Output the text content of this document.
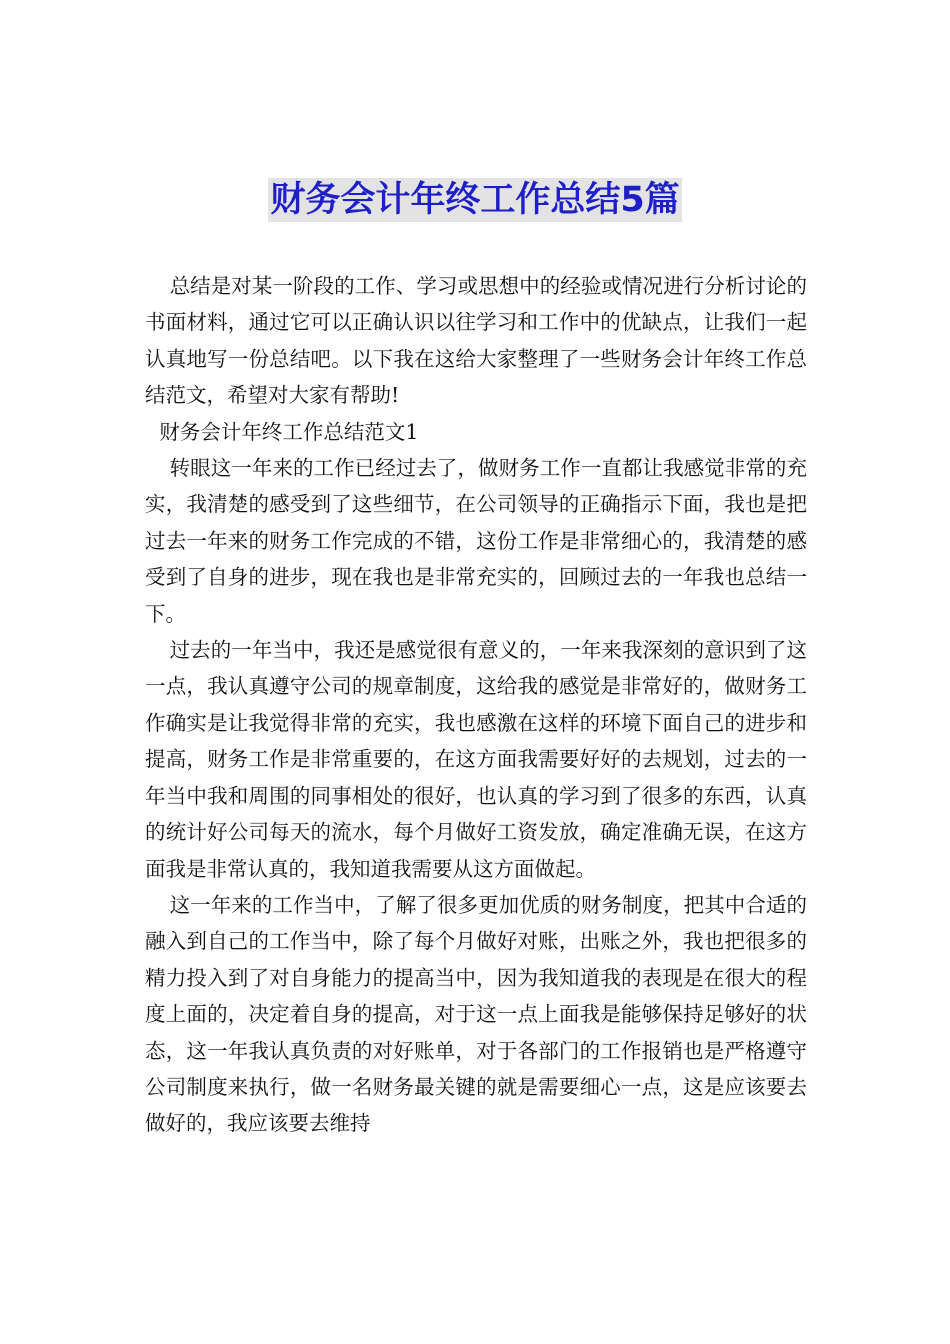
财务会计年终工作总结5篇

总结是对某一阶段的工作、学习或思想中的经验或情况进行分析讨论的书面材料，通过它可以正确认识以往学习和工作中的优缺点，让我们一起认真地写一份总结吧。以下我在这给大家整理了一些财务会计年终工作总结范文，希望对大家有帮助!

财务会计年终工作总结范文1

转眼这一年来的工作已经过去了，做财务工作一直都让我感觉非常的充实，我清楚的感受到了这些细节，在公司领导的正确指示下面，我也是把过去一年来的财务工作完成的不错，这份工作是非常细心的，我清楚的感受到了自身的进步，现在我也是非常充实的，回顾过去的一年我也总结一下。

过去的一年当中，我还是感觉很有意义的，一年来我深刻的意识到了这一点，我认真遵守公司的规章制度，这给我的感觉是非常好的，做财务工作确实是让我觉得非常的充实，我也感激在这样的环境下面自己的进步和提高，财务工作是非常重要的，在这方面我需要好好的去规划，过去的一年当中我和周围的同事相处的很好，也认真的学习到了很多的东西，认真的统计好公司每天的流水，每个月做好工资发放，确定准确无误，在这方面我是非常认真的，我知道我需要从这方面做起。

这一年来的工作当中，了解了很多更加优质的财务制度，把其中合适的融入到自己的工作当中，除了每个月做好对账，出账之外，我也把很多的精力投入到了对自身能力的提高当中，因为我知道我的表现是在很大的程度上面的，决定着自身的提高，对于这一点上面我是能够保持足够好的状态，这一年我认真负责的对好账单，对于各部门的工作报销也是严格遵守公司制度来执行，做一名财务最关键的就是需要细心一点，这是应该要去做好的，我应该要去维持
